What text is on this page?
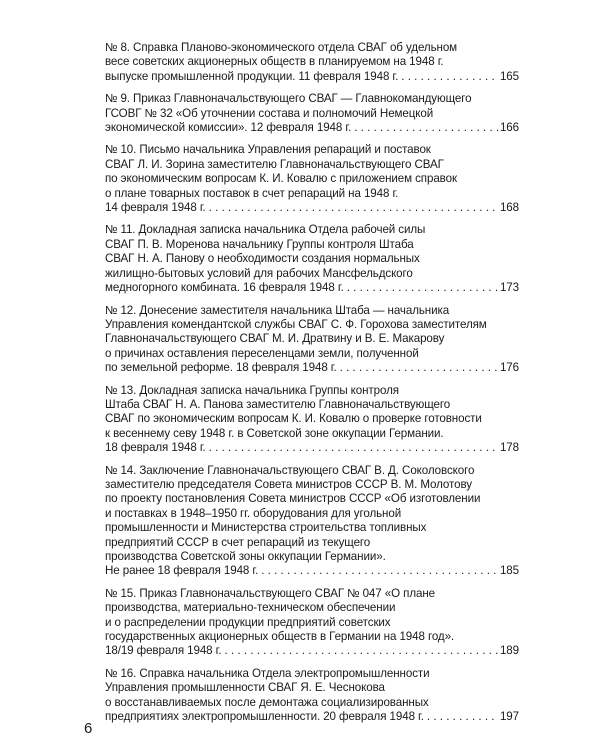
№ 8. Справка Планово-экономического отдела СВАГ об удельном
весе советских акционерных обществ в планируемом на 1948 г.
выпуске промышленной продукции. 11 февраля 1948 г. . . .	165
№ 9. Приказ Главноначальствующего СВАГ — Главнокомандующего
ГСОВГ № 32 «Об уточнении состава и полномочий Немецкой
экономической комиссии». 12 февраля 1948 г. . . .	166
№ 10. Письмо начальника Управления репараций и поставок
СВАГ Л. И. Зорина заместителю Главноначальствующего СВАГ
по экономическим вопросам К. И. Ковалю с приложением справок
о плане товарных поставок в счет репараций на 1948 г.
14 февраля 1948 г. . . .	168
№ 11. Докладная записка начальника Отдела рабочей силы
СВАГ П. В. Моренова начальнику Группы контроля Штаба
СВАГ Н. А. Панову о необходимости создания нормальных
жилищно-бытовых условий для рабочих Мансфельдского
медногорного комбината. 16 февраля 1948 г. . . .	173
№ 12. Донесение заместителя начальника Штаба — начальника
Управления комендантской службы СВАГ С. Ф. Горохова заместителям
Главноначальствующего СВАГ М. И. Дратвину и В. Е. Макарову
о причинах оставления переселенцами земли, полученной
по земельной реформе. 18 февраля 1948 г. . . .	176
№ 13. Докладная записка начальника Группы контроля
Штаба СВАГ Н. А. Панова заместителю Главноначальствующего
СВАГ по экономическим вопросам К. И. Ковалю о проверке готовности
к весеннему севу 1948 г. в Советской зоне оккупации Германии.
18 февраля 1948 г. . . .	178
№ 14. Заключение Главноначальствующего СВАГ В. Д. Соколовского
заместителю председателя Совета министров СССР В. М. Молотову
по проекту постановления Совета министров СССР «Об изготовлении
и поставках в 1948–1950 гг. оборудования для угольной
промышленности и Министерства строительства топливных
предприятий СССР в счет репараций из текущего
производства Советской зоны оккупации Германии».
Не ранее 18 февраля 1948 г. . . .	185
№ 15. Приказ Главноначальствующего СВАГ № 047 «О плане
производства, материально-техническом обеспечении
и о распределении продукции предприятий советских
государственных акционерных обществ в Германии на 1948 год».
18/19 февраля 1948 г. . . .	189
№ 16. Справка начальника Отдела электропромышленности
Управления промышленности СВАГ Я. Е. Чеснокова
о восстанавливаемых после демонтажа социализированных
предприятиях электропромышленности. 20 февраля 1948 г. . . .	197
6
